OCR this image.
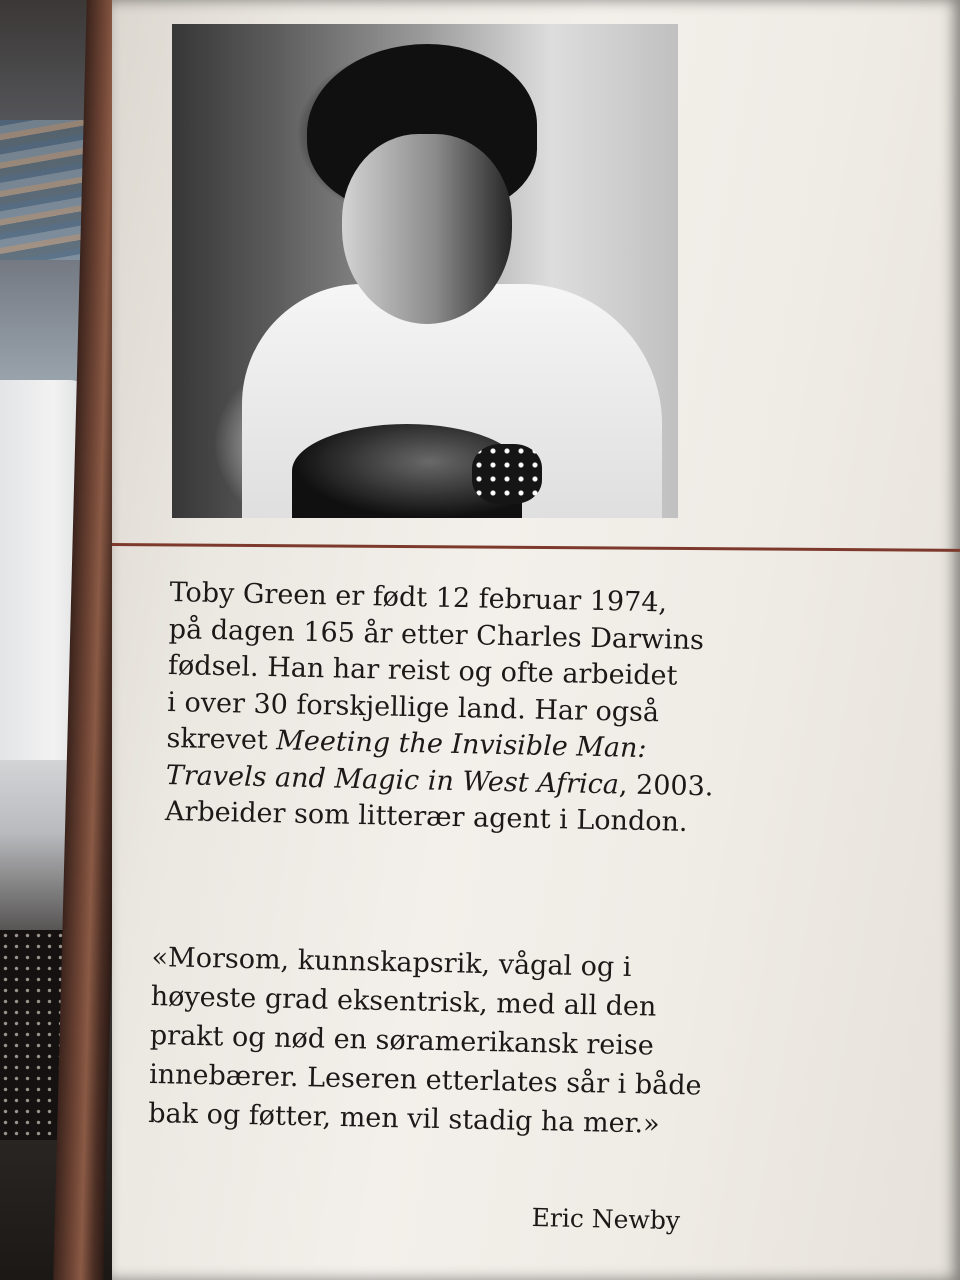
Toby Green er født 12 februar 1974,
på dagen 165 år etter Charles Darwins
fødsel. Han har reist og ofte arbeidet
i over 30 forskjellige land. Har også
skrevet Meeting the Invisible Man:
Travels and Magic in West Africa, 2003.
Arbeider som litterær agent i London.

«Morsom, kunnskapsrik, vågal og i
høyeste grad eksentrisk, med all den
prakt og nød en søramerikansk reise
innebærer. Leseren etterlates sår i både
bak og føtter, men vil stadig ha mer.»

Eric Newby
